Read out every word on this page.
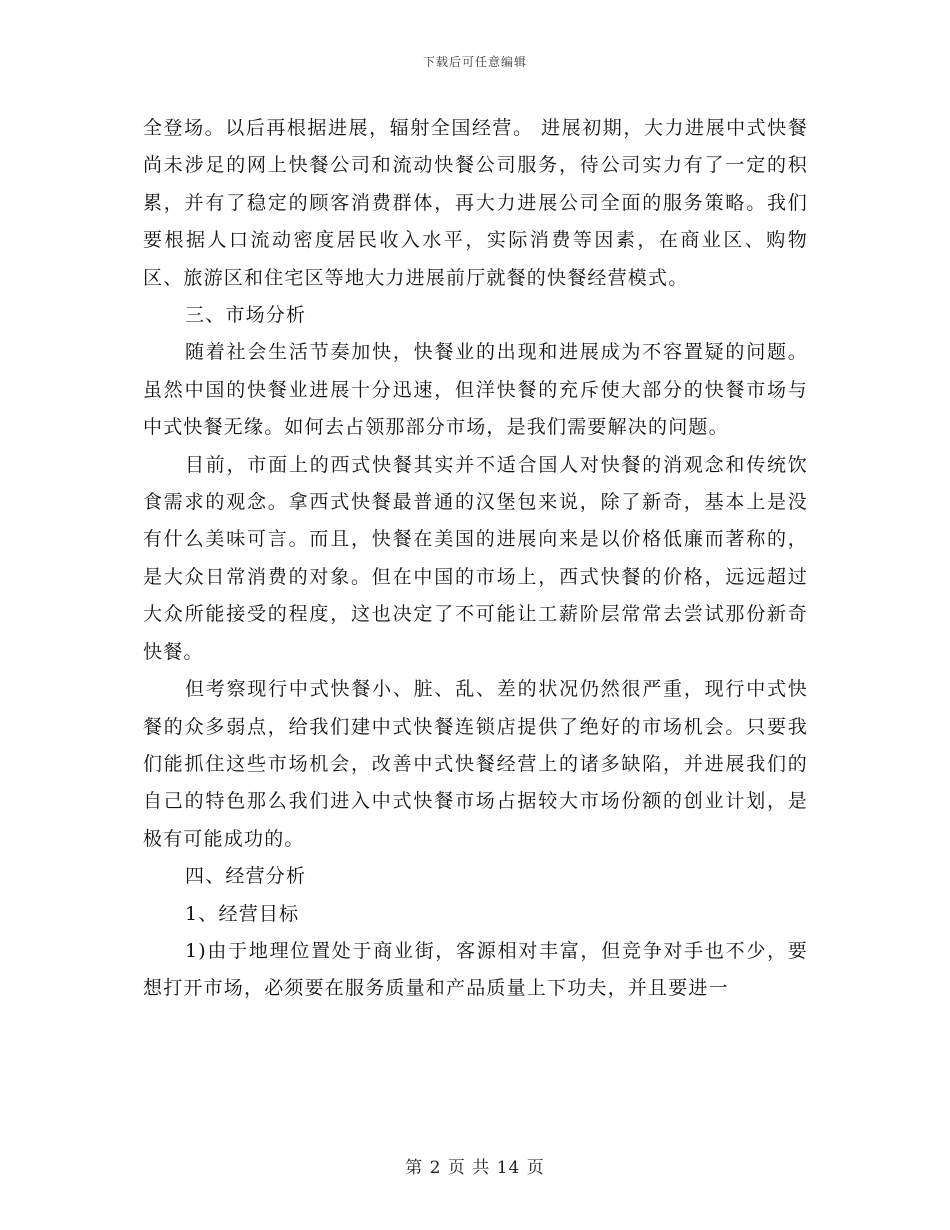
下载后可任意编辑

全登场。以后再根据进展，辐射全国经营。 进展初期，大力进展中式快餐尚未涉足的网上快餐公司和流动快餐公司服务，待公司实力有了一定的积累，并有了稳定的顾客消费群体，再大力进展公司全面的服务策略。我们要根据人口流动密度居民收入水平，实际消费等因素，在商业区、购物区、旅游区和住宅区等地大力进展前厅就餐的快餐经营模式。

三、市场分析

随着社会生活节奏加快，快餐业的出现和进展成为不容置疑的问题。虽然中国的快餐业进展十分迅速，但洋快餐的充斥使大部分的快餐市场与中式快餐无缘。如何去占领那部分市场，是我们需要解决的问题。

目前，市面上的西式快餐其实并不适合国人对快餐的消观念和传统饮食需求的观念。拿西式快餐最普通的汉堡包来说，除了新奇，基本上是没有什么美味可言。而且，快餐在美国的进展向来是以价格低廉而著称的，是大众日常消费的对象。但在中国的市场上，西式快餐的价格，远远超过大众所能接受的程度，这也决定了不可能让工薪阶层常常去尝试那份新奇快餐。

但考察现行中式快餐小、脏、乱、差的状况仍然很严重，现行中式快餐的众多弱点，给我们建中式快餐连锁店提供了绝好的市场机会。只要我们能抓住这些市场机会，改善中式快餐经营上的诸多缺陷，并进展我们的自己的特色那么我们进入中式快餐市场占据较大市场份额的创业计划，是极有可能成功的。

四、经营分析

1、经营目标

1)由于地理位置处于商业街，客源相对丰富，但竞争对手也不少，要想打开市场，必须要在服务质量和产品质量上下功夫，并且要进一

第 2 页 共 14 页
